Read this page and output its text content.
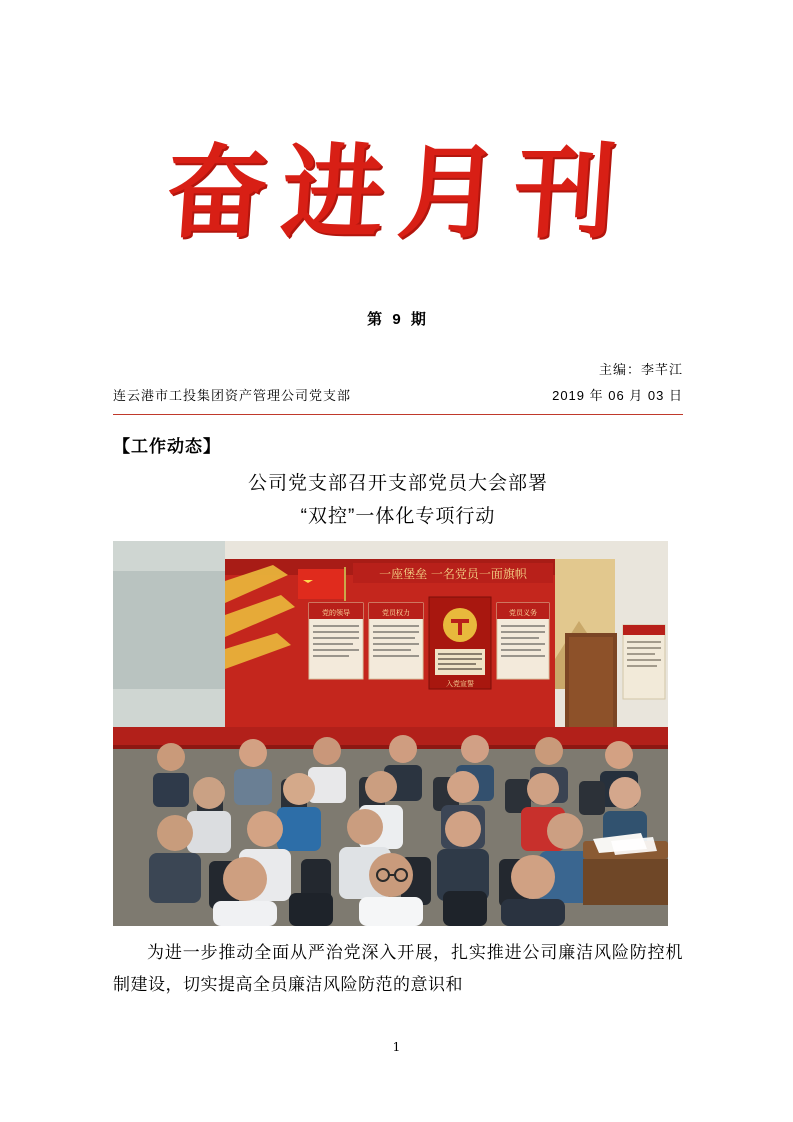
奋进月刊
第 9 期
主编：李芊江
连云港市工投集团资产管理公司党支部	2019 年 06 月 03 日
【工作动态】
公司党支部召开支部党员大会部署
“双控”一体化专项行动
一座堡垒 一名党员一面旗帜
党的领导	党员权力
入党宣誓
党员义务
为进一步推动全面从严治党深入开展，扎实推进公司廉洁风险防控机制建设，切实提高全员廉洁风险防范的意识和
1
